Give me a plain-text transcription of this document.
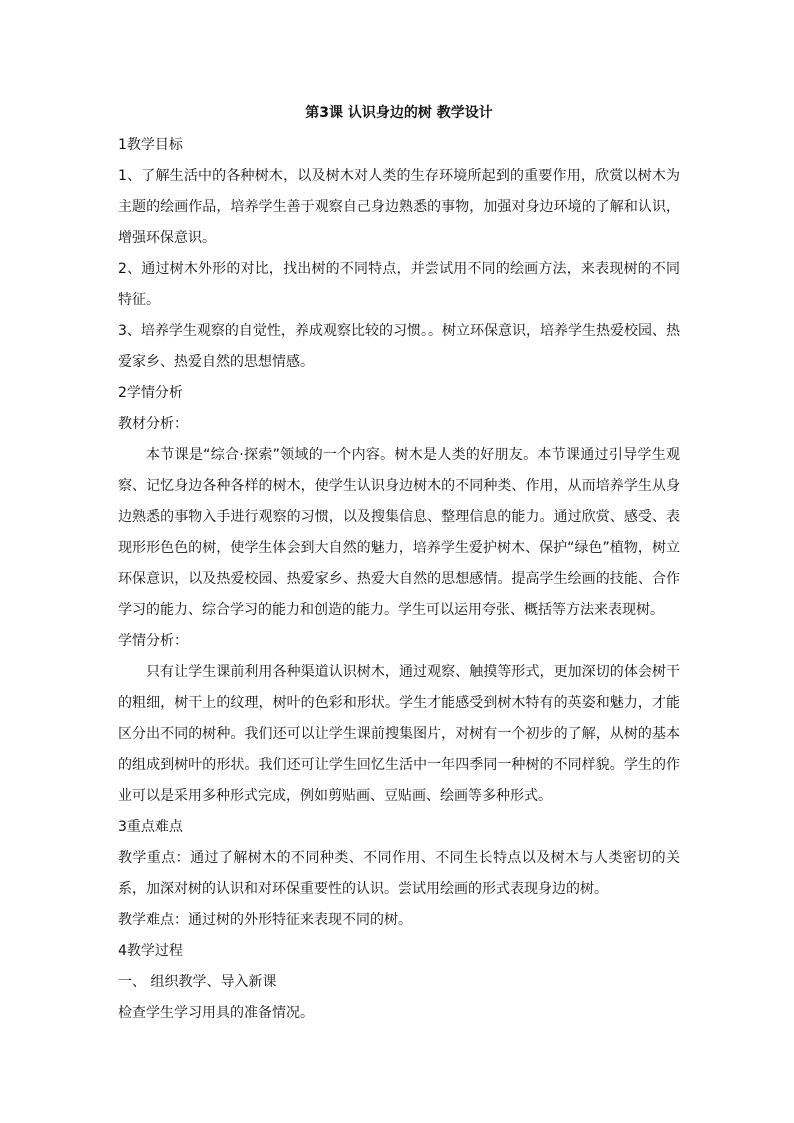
第3课 认识身边的树 教学设计
1教学目标
1、了解生活中的各种树木，以及树木对人类的生存环境所起到的重要作用，欣赏以树木为主题的绘画作品，培养学生善于观察自己身边熟悉的事物，加强对身边环境的了解和认识，增强环保意识。
2、通过树木外形的对比，找出树的不同特点，并尝试用不同的绘画方法，来表现树的不同特征。
3、培养学生观察的自觉性，养成观察比较的习惯。。树立环保意识，培养学生热爱校园、热爱家乡、热爱自然的思想情感。
2学情分析
教材分析：
本节课是“综合·探索”领域的一个内容。树木是人类的好朋友。本节课通过引导学生观察、记忆身边各种各样的树木，使学生认识身边树木的不同种类、作用，从而培养学生从身边熟悉的事物入手进行观察的习惯，以及搜集信息、整理信息的能力。通过欣赏、感受、表现形形色色的树，使学生体会到大自然的魅力，培养学生爱护树木、保护“绿色”植物，树立环保意识，以及热爱校园、热爱家乡、热爱大自然的思想感情。提高学生绘画的技能、合作学习的能力、综合学习的能力和创造的能力。学生可以运用夸张、概括等方法来表现树。
学情分析：
只有让学生课前利用各种渠道认识树木，通过观察、触摸等形式，更加深切的体会树干的粗细，树干上的纹理，树叶的色彩和形状。学生才能感受到树木特有的英姿和魅力，才能区分出不同的树种。我们还可以让学生课前搜集图片，对树有一个初步的了解，从树的基本的组成到树叶的形状。我们还可让学生回忆生活中一年四季同一种树的不同样貌。学生的作业可以是采用多种形式完成，例如剪贴画、豆贴画、绘画等多种形式。
3重点难点
教学重点：通过了解树木的不同种类、不同作用、不同生长特点以及树木与人类密切的关系，加深对树的认识和对环保重要性的认识。尝试用绘画的形式表现身边的树。
教学难点：通过树的外形特征来表现不同的树。
4教学过程
一、 组织教学、导入新课
检查学生学习用具的准备情况。
